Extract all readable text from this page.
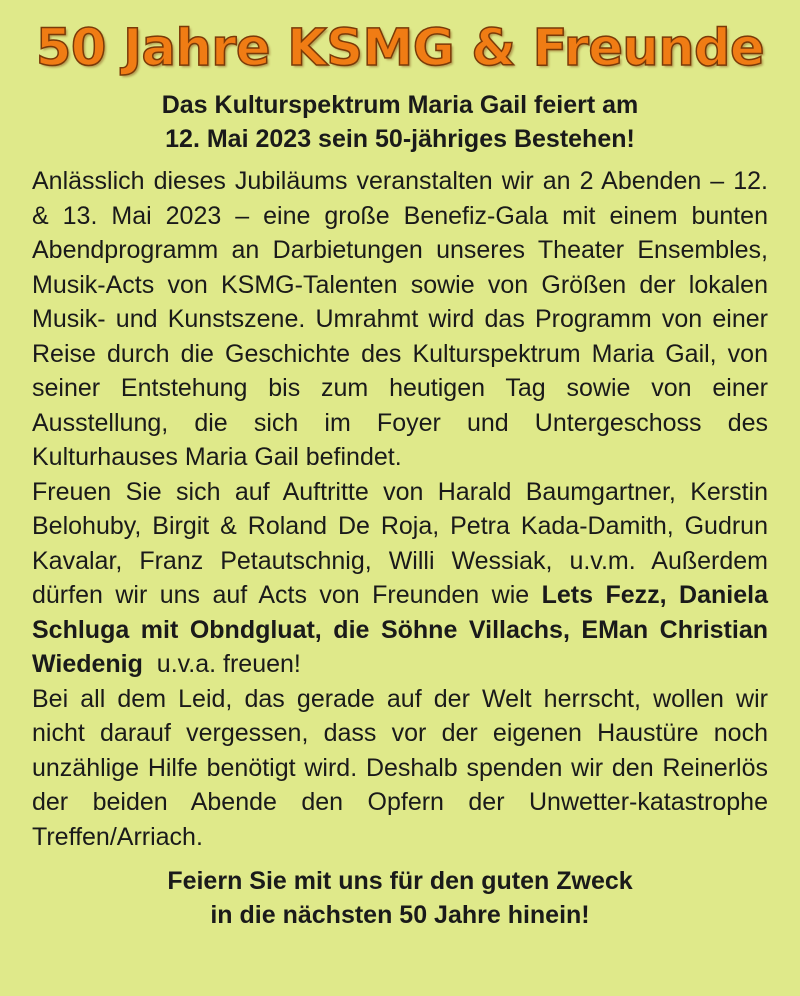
50 Jahre KSMG & Freunde
Das Kulturspektrum Maria Gail feiert am
12. Mai 2023 sein 50-jähriges Bestehen!

Anlässlich dieses Jubiläums veranstalten wir an 2 Abenden – 12. & 13. Mai 2023 – eine große Benefiz-Gala mit einem bunten Abendprogramm an Darbietungen unseres Theater Ensembles, Musik-Acts von KSMG-Talenten sowie von Größen der lokalen Musik- und Kunstszene. Umrahmt wird das Programm von einer Reise durch die Geschichte des Kulturspektrum Maria Gail, von seiner Entstehung bis zum heutigen Tag sowie von einer Ausstellung, die sich im Foyer und Untergeschoss des Kulturhauses Maria Gail befindet.

Freuen Sie sich auf Auftritte von Harald Baumgartner, Kerstin Belohuby, Birgit & Roland De Roja, Petra Kada-Damith, Gudrun Kavalar, Franz Petautschnig, Willi Wessiak, u.v.m. Außerdem dürfen wir uns auf Acts von Freunden wie Lets Fezz, Daniela Schluga mit Obndgluat, die Söhne Villachs, EMan Christian Wiedenig u.v.a. freuen!

Bei all dem Leid, das gerade auf der Welt herrscht, wollen wir nicht darauf vergessen, dass vor der eigenen Haustüre noch unzählige Hilfe benötigt wird. Deshalb spenden wir den Reinerlös der beiden Abende den Opfern der Unwetter-katastrophe Treffen/Arriach.

Feiern Sie mit uns für den guten Zweck
in die nächsten 50 Jahre hinein!
